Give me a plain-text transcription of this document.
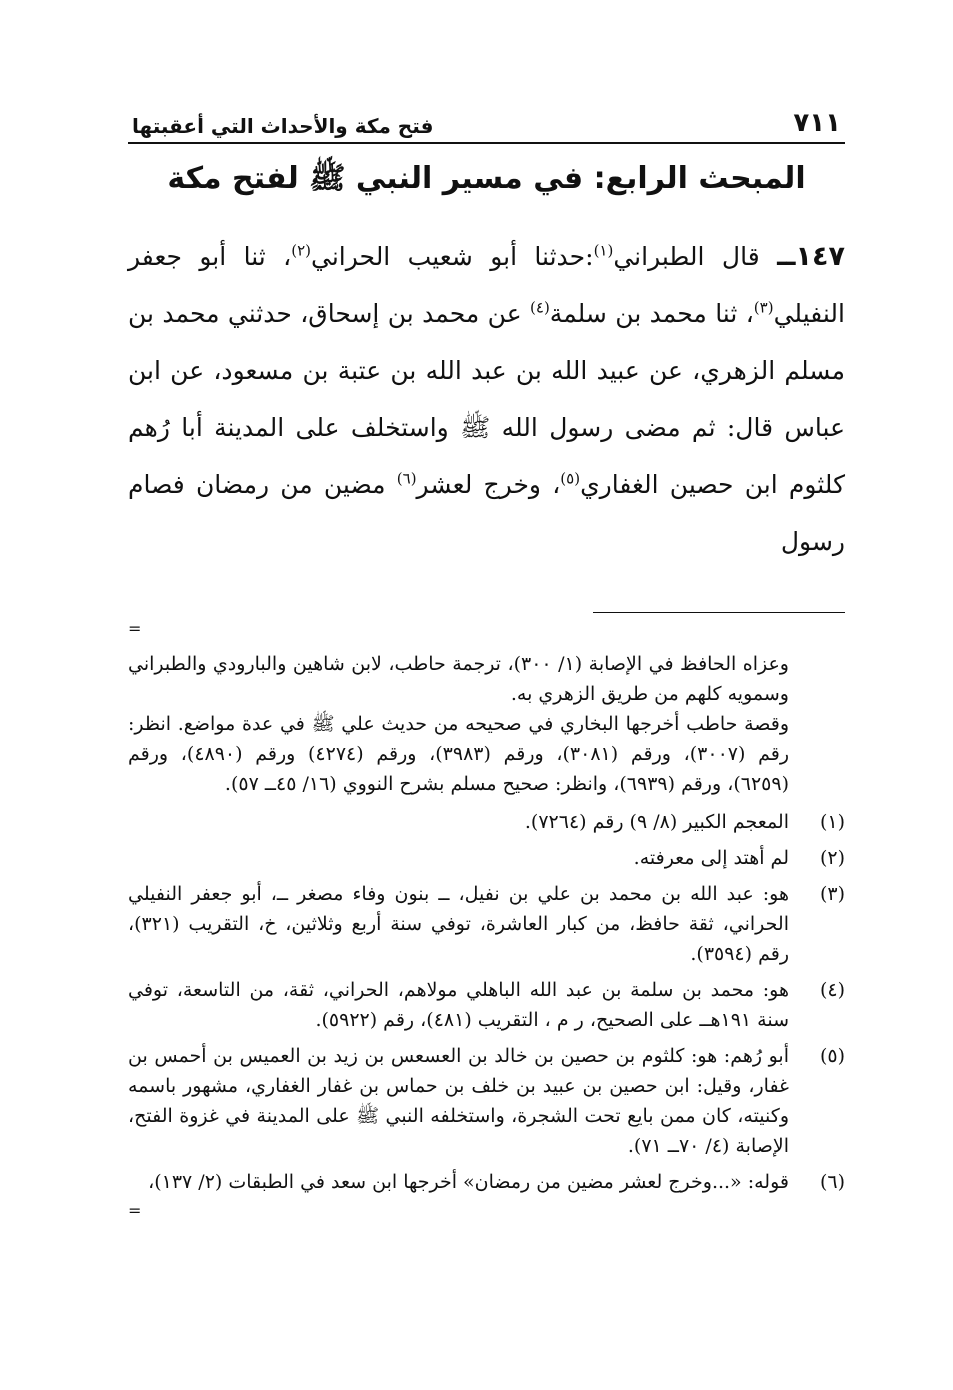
٧١١
فتح مكة والأحداث التي أعقبتها
المبحث الرابع: في مسير النبي ﷺ لفتح مكة
١٤٧ــ قال الطبراني$^{(١)}$:حدثنا أبو شعيب الحراني$^{(٢)}$، ثنا أبو جعفر النفيلي$^{(٣)}$، ثنا محمد بن سلمة$^{(٤)}$ عن محمد بن إسحاق، حدثني محمد بن مسلم الزهري، عن عبيد الله بن عبد الله بن عتبة بن مسعود، عن ابن عباس قال: ثم مضى رسول الله ﷺ واستخلف على المدينة أبا رُهم كلثوم ابن حصين الغفاري$^{(٥)}$، وخرج لعشر$^{(٦)}$ مضين من رمضان فصام رسول
=

وعزاه الحافظ في الإصابة (١/ ٣٠٠)، ترجمة حاطب، لابن شاهين والبارودي والطبراني وسمويه كلهم من طريق الزهري به.

وقصة حاطب أخرجها البخاري في صحيحه من حديث علي ﷺ في عدة مواضع. انظر: رقم (٣٠٠٧)، ورقم (٣٠٨١)، ورقم (٣٩٨٣)، ورقم (٤٢٧٤) ورقم (٤٨٩٠)، ورقم (٦٢٥٩)، ورقم (٦٩٣٩)، وانظر: صحيح مسلم بشرح النووي (١٦/ ٤٥ــ ٥٧).

(١)
المعجم الكبير (٨/ ٩) رقم (٧٢٦٤).
(٢)
لم أهتد إلى معرفته.
(٣)
هو: عبد الله بن محمد بن علي بن نفيل، ــ بنون وفاء مصغر ــ، أبو جعفر النفيلي الحراني، ثقة حافظ، من كبار العاشرة، توفي سنة أربع وثلاثين، خ، التقريب (٣٢١)، رقم (٣٥٩٤).
(٤)
هو: محمد بن سلمة بن عبد الله الباهلي مولاهم، الحراني، ثقة، من التاسعة، توفي سنة ١٩١هــ على الصحيح، ر م ، التقريب (٤٨١)، رقم (٥٩٢٢).
(٥)
أبو رُهم: هو: كلثوم بن حصين بن خالد بن العسعس بن زيد بن العميس بن أحمس بن غفار، وقيل: ابن حصين بن عبيد بن خلف بن حماس بن غفار الغفاري، مشهور باسمه وكنيته، كان ممن بايع تحت الشجرة، واستخلفه النبي ﷺ على المدينة في غزوة الفتح، الإصابة (٤/ ٧٠ــ ٧١).
(٦)
قوله: «...وخرج لعشر مضين من رمضان» أخرجها ابن سعد في الطبقات (٢/ ١٣٧)،
=
